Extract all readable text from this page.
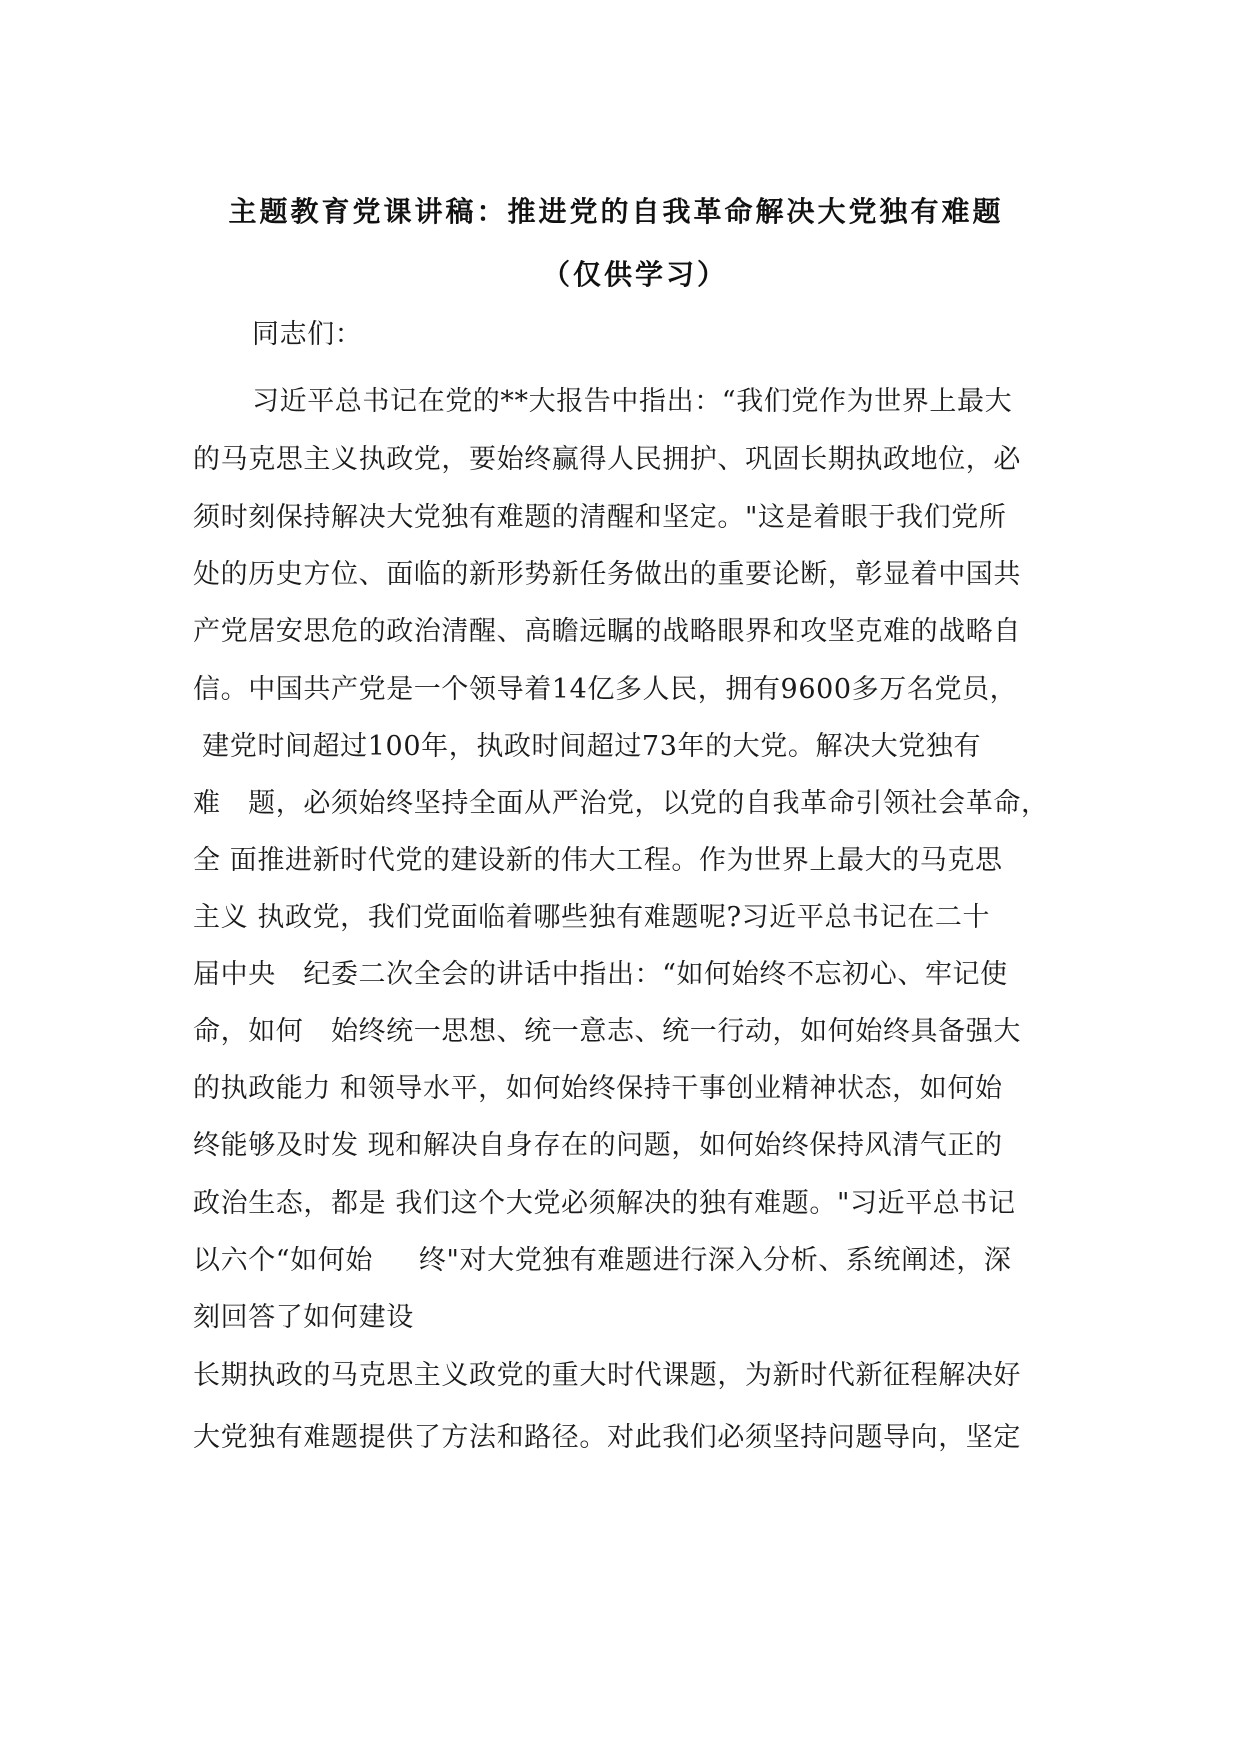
主题教育党课讲稿：推进党的自我革命解决大党独有难题
（仅供学习）
同志们：
习近平总书记在党的**大报告中指出：“我们党作为世界上最大
的马克思主义执政党，要始终赢得人民拥护、巩固长期执政地位，必
须时刻保持解决大党独有难题的清醒和坚定。"这是着眼于我们党所
处的历史方位、面临的新形势新任务做出的重要论断，彰显着中国共
产党居安思危的政治清醒、高瞻远瞩的战略眼界和攻坚克难的战略自
信。中国共产党是一个领导着14亿多人民，拥有9600多万名党员，
建党时间超过100年，执政时间超过73年的大党。解决大党独有
难   题，必须始终坚持全面从严治党，以党的自我革命引领社会革命，
全 面推进新时代党的建设新的伟大工程。作为世界上最大的马克思
主义 执政党，我们党面临着哪些独有难题呢?习近平总书记在二十
届中央   纪委二次全会的讲话中指出：“如何始终不忘初心、牢记使
命，如何   始终统一思想、统一意志、统一行动，如何始终具备强大
的执政能力 和领导水平，如何始终保持干事创业精神状态，如何始
终能够及时发 现和解决自身存在的问题，如何始终保持风清气正的
政治生态，都是 我们这个大党必须解决的独有难题。"习近平总书记
以六个“如何始     终"对大党独有难题进行深入分析、系统阐述，深
刻回答了如何建设
长期执政的马克思主义政党的重大时代课题，为新时代新征程解决好
大党独有难题提供了方法和路径。对此我们必须坚持问题导向，坚定
